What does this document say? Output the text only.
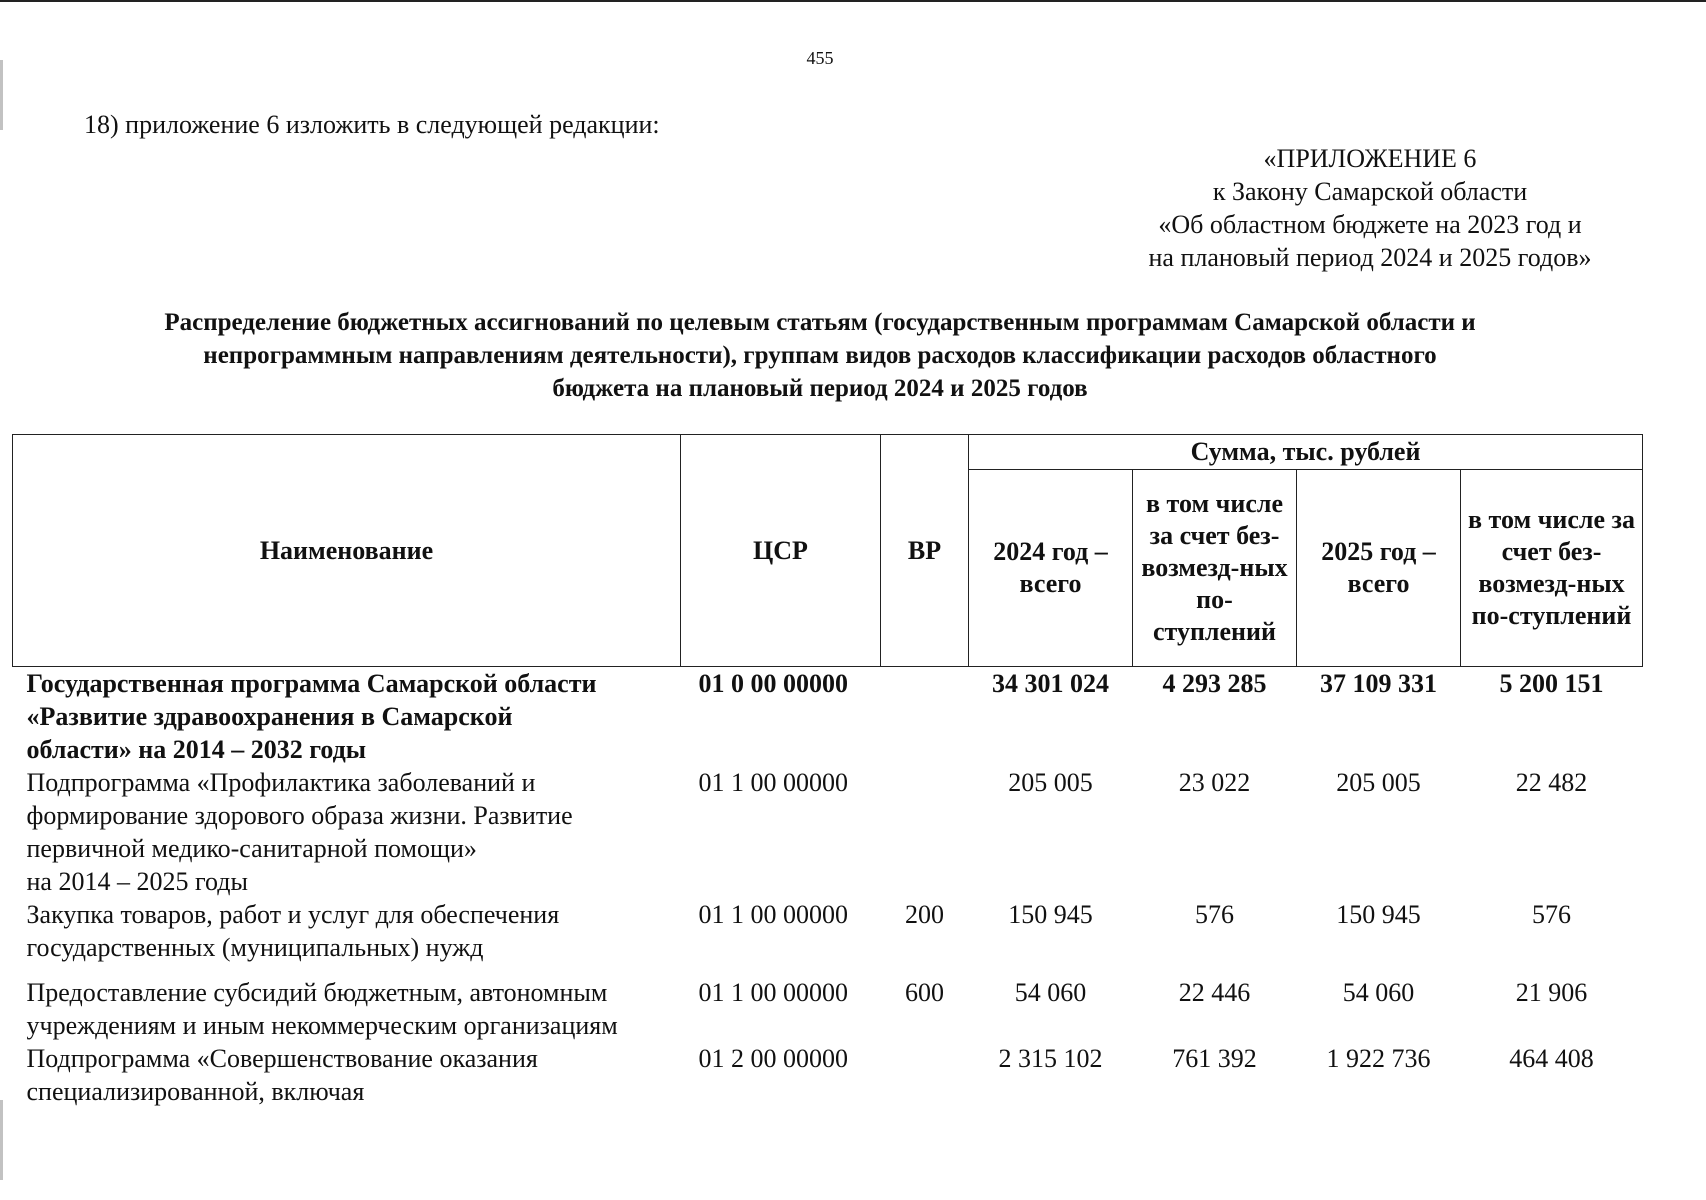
455
18) приложение 6 изложить в следующей редакции:
«ПРИЛОЖЕНИЕ 6
к Закону Самарской области
«Об областном бюджете на 2023 год и
на плановый период 2024 и 2025 годов»
Распределение бюджетных ассигнований по целевым статьям (государственным программам Самарской области и
непрограммным направлениям деятельности), группам видов расходов классификации расходов областного
бюджета на плановый период 2024 и 2025 годов
Наименование	ЦСР	ВР	Сумма, тыс. рублей			
			2024 год – всего	в том числе за счет без-возмезд-ных по-ступлений	2025 год – всего	в том числе за счет без-возмезд-ных по-ступлений

Государственная программа Самарской области
«Развитие здравоохранения в Самарской
области» на 2014 – 2032 годы	01 0 00 00000		34 301 024	4 293 285	37 109 331	5 200 151

Подпрограмма «Профилактика заболеваний и
формирование здорового образа жизни. Развитие
первичной медико-санитарной помощи»
на 2014 – 2025 годы	01 1 00 00000		205 005	23 022	205 005	22 482

Закупка товаров, работ и услуг для обеспечения
государственных (муниципальных) нужд	01 1 00 00000	200	150 945	576	150 945	576

Предоставление субсидий бюджетным, автономным
учреждениям и иным некоммерческим организациям	01 1 00 00000	600	54 060	22 446	54 060	21 906

Подпрограмма «Совершенствование оказания
специализированной, включая	01 2 00 00000		2 315 102	761 392	1 922 736	464 408
